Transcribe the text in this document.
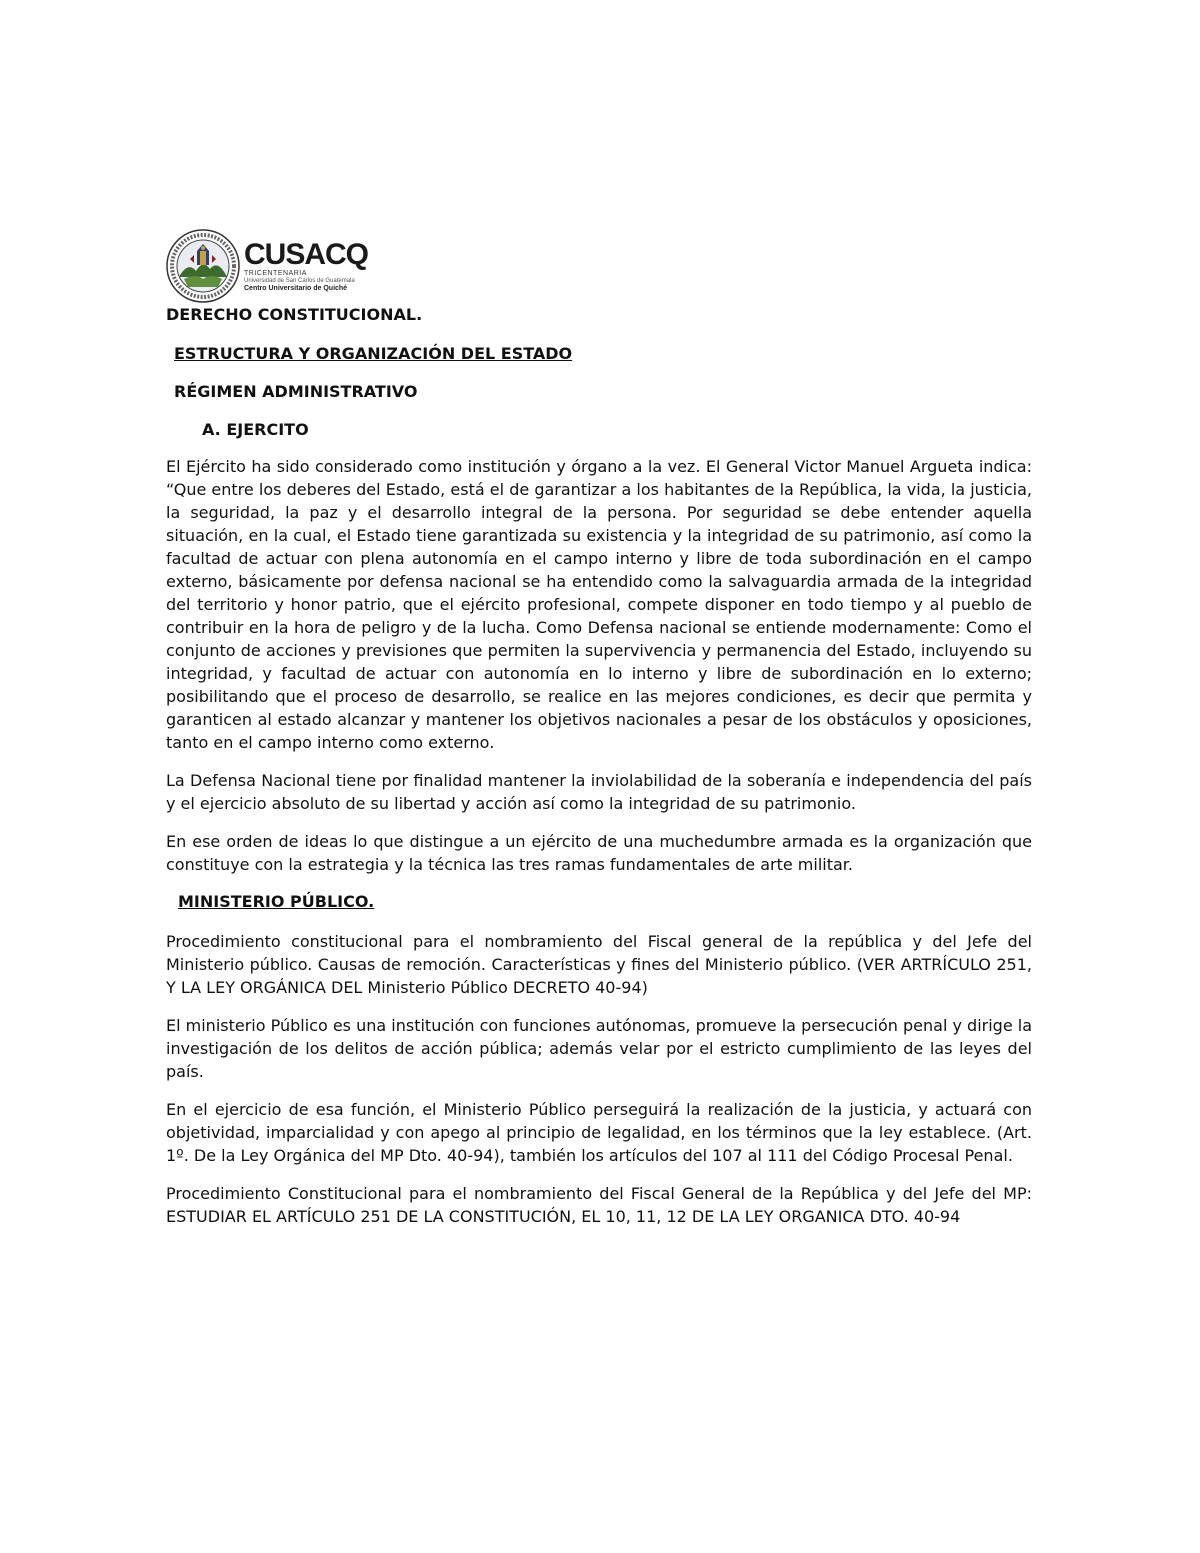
CUSACQ
TRICENTENARIA
Universidad de San Carlos de Guatemala
Centro Universitario de Quiché

DERECHO CONSTITUCIONAL.

ESTRUCTURA Y ORGANIZACIÓN DEL ESTADO

RÉGIMEN ADMINISTRATIVO

A. EJERCITO

El Ejército ha sido considerado como institución y órgano a la vez. El General Victor Manuel Argueta indica: “Que entre los deberes del Estado, está el de garantizar a los habitantes de la República, la vida, la justicia, la seguridad, la paz y el desarrollo integral de la persona. Por seguridad se debe entender aquella situación, en la cual, el Estado tiene garantizada su existencia y la integridad de su patrimonio, así como la facultad de actuar con plena autonomía en el campo interno y libre de toda subordinación en el campo externo, básicamente por defensa nacional se ha entendido como la salvaguardia armada de la integridad del territorio y honor patrio, que el ejército profesional, compete disponer en todo tiempo y al pueblo de contribuir en la hora de peligro y de la lucha. Como Defensa nacional se entiende modernamente: Como el conjunto de acciones y previsiones que permiten la supervivencia y permanencia del Estado, incluyendo su integridad, y facultad de actuar con autonomía en lo interno y libre de subordinación en lo externo; posibilitando que el proceso de desarrollo, se realice en las mejores condiciones, es decir que permita y garanticen al estado alcanzar y mantener los objetivos nacionales a pesar de los obstáculos y oposiciones, tanto en el campo interno como externo.

La Defensa Nacional tiene por finalidad mantener la inviolabilidad de la soberanía e independencia del país y el ejercicio absoluto de su libertad y acción así como la integridad de su patrimonio.

En ese orden de ideas lo que distingue a un ejército de una muchedumbre armada es la organización que constituye con la estrategia y la técnica las tres ramas fundamentales de arte militar.

MINISTERIO PÚBLICO.

Procedimiento constitucional para el nombramiento del Fiscal general de la república y del Jefe del Ministerio público. Causas de remoción. Características y fines del Ministerio público. (VER ARTRÍCULO 251, Y LA LEY ORGÁNICA DEL Ministerio Público DECRETO 40-94)

El ministerio Público es una institución con funciones autónomas, promueve la persecución penal y dirige la investigación de los delitos de acción pública; además velar por el estricto cumplimiento de las leyes del país.

En el ejercicio de esa función, el Ministerio Público perseguirá la realización de la justicia, y actuará con objetividad, imparcialidad y con apego al principio de legalidad, en los términos que la ley establece. (Art. 1º. De la Ley Orgánica del MP Dto. 40-94), también los artículos del 107 al 111 del Código Procesal Penal.

Procedimiento Constitucional para el nombramiento del Fiscal General de la República y del Jefe del MP: ESTUDIAR EL ARTÍCULO 251 DE LA CONSTITUCIÓN, EL 10, 11, 12 DE LA LEY ORGANICA DTO. 40-94
